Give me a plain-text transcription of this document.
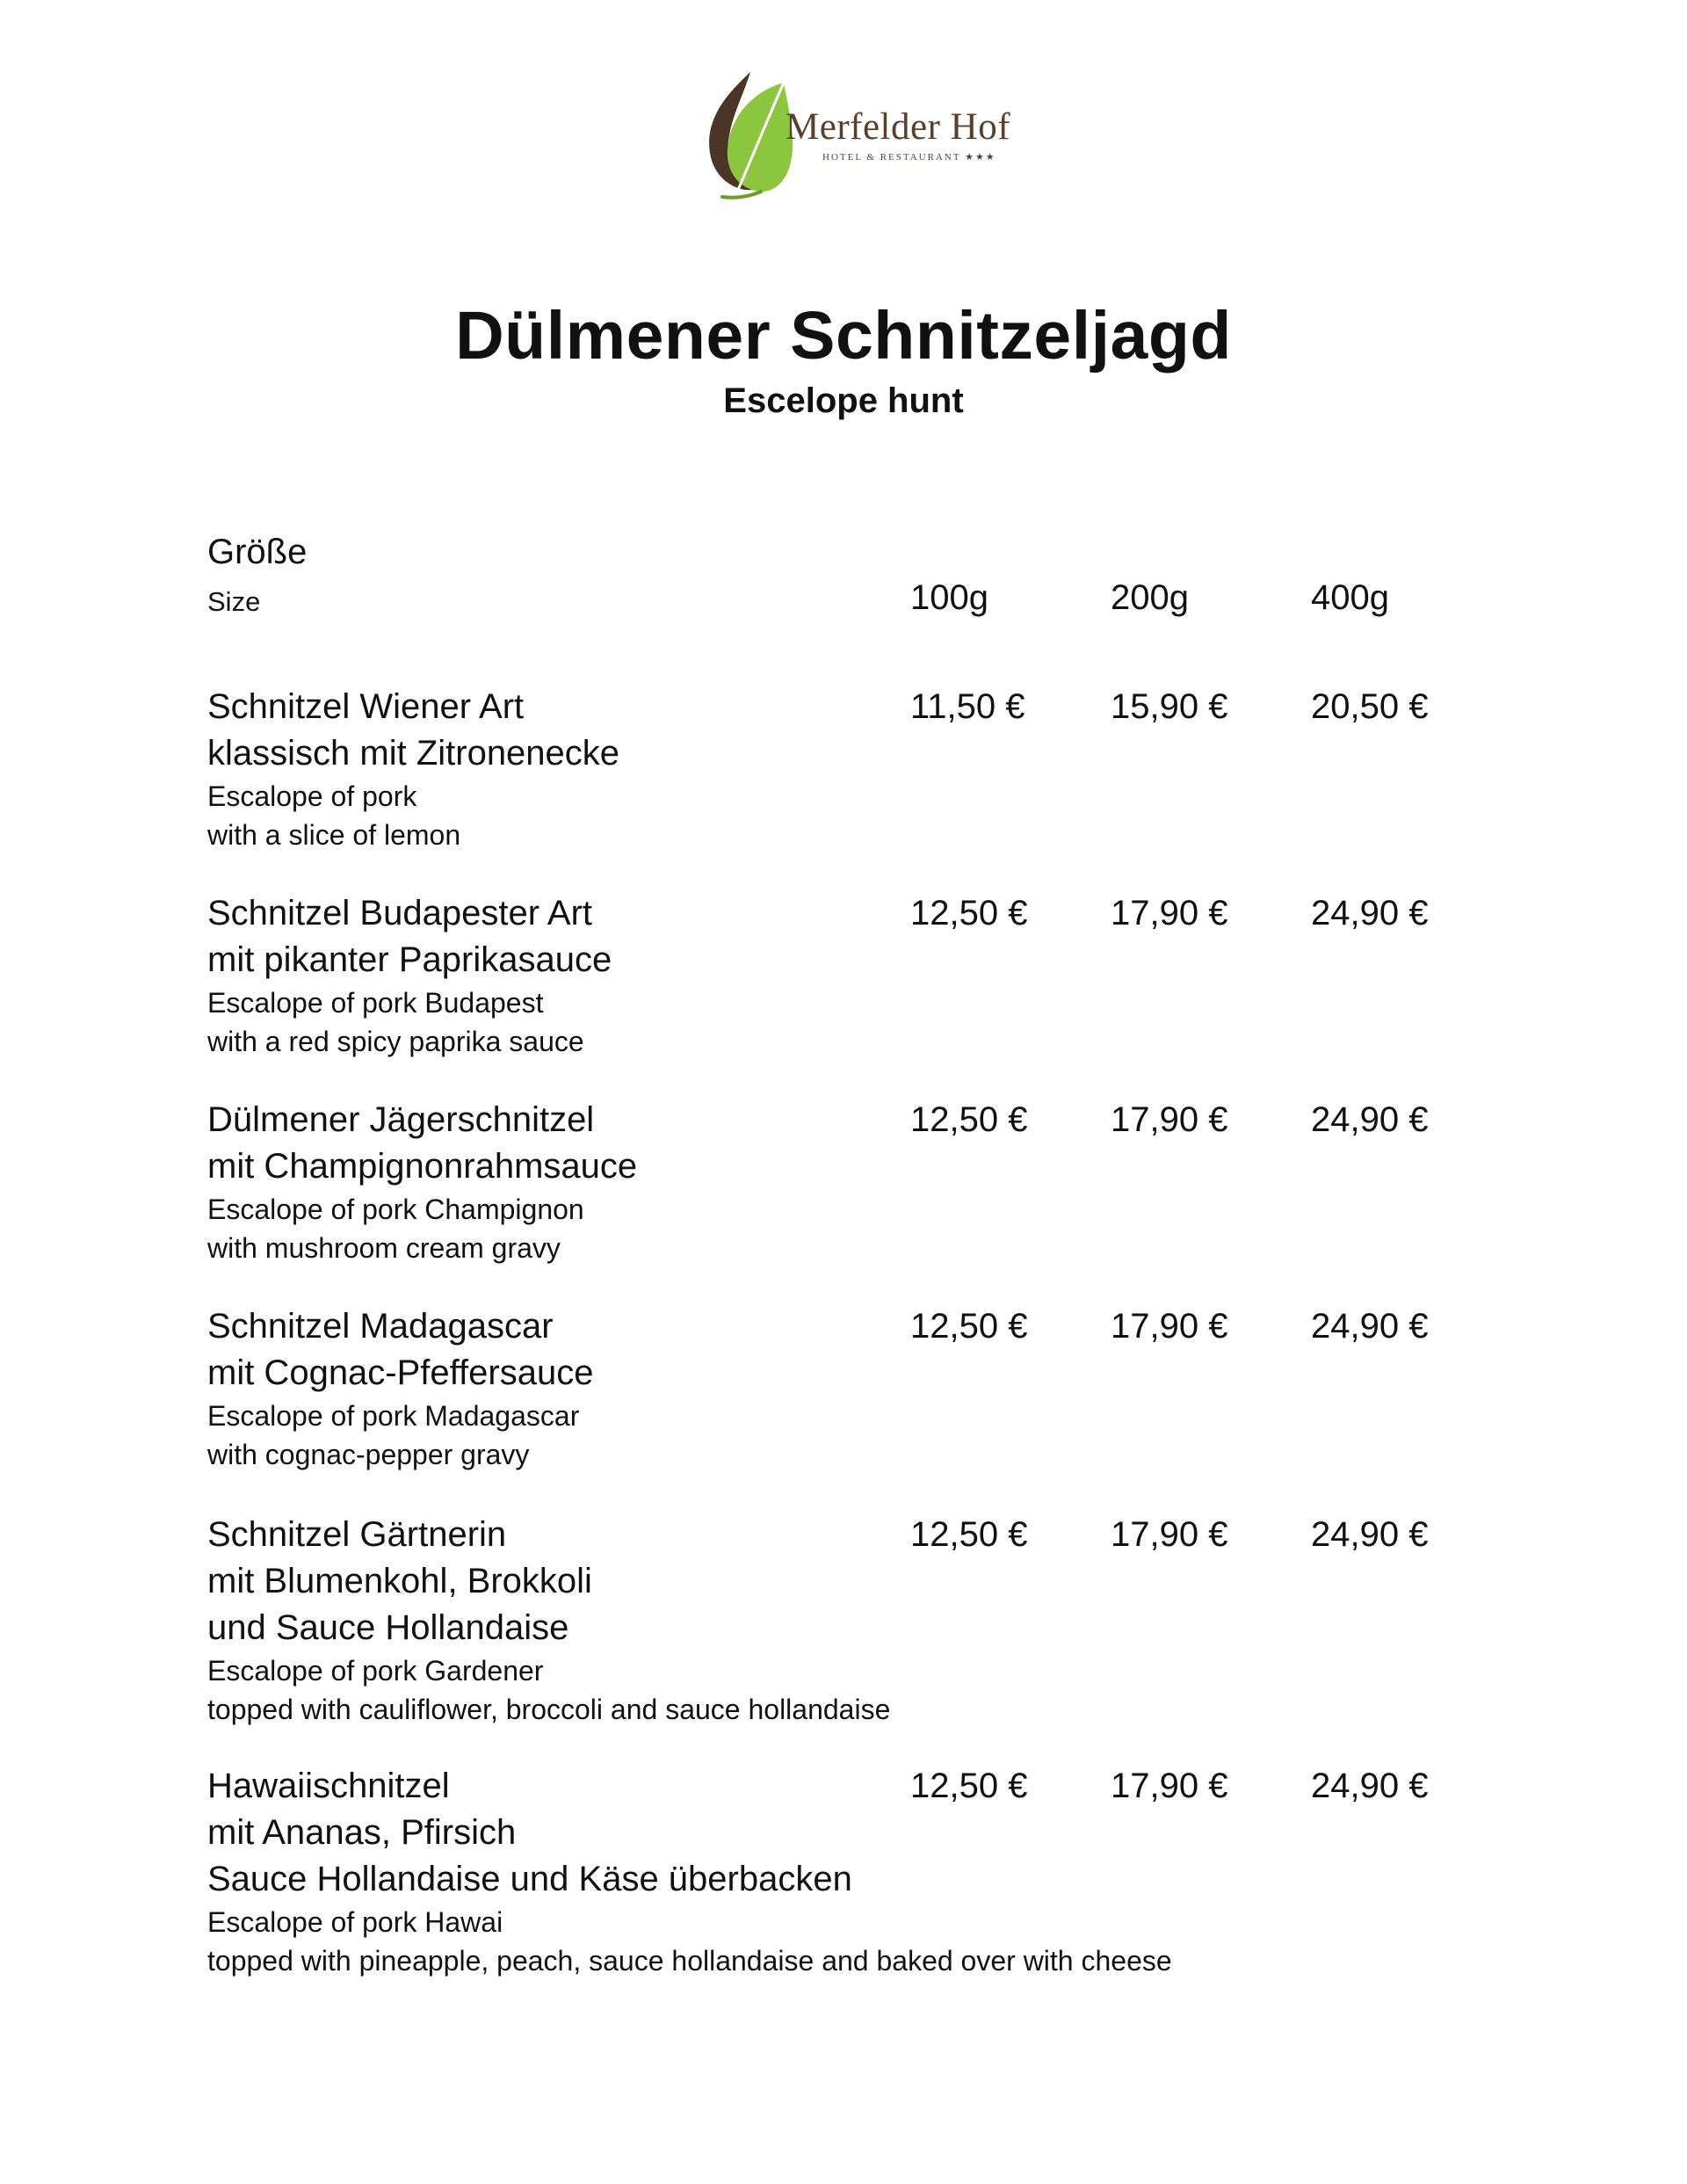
Merfelder Hof
HOTEL & RESTAURANT ★★★
Dülmener Schnitzeljagd
Escelope hunt
Größe
Size	100g	200g	400g
Schnitzel Wiener Art
klassisch mit Zitronenecke
Escalope of pork
with a slice of lemon
11,50 € 15,90 € 20,50 €
Schnitzel Budapester Art
mit pikanter Paprikasauce
Escalope of pork Budapest
with a red spicy paprika sauce
12,50 € 17,90 € 24,90 €
Dülmener Jägerschnitzel
mit Champignonrahmsauce
Escalope of pork Champignon
with mushroom cream gravy
12,50 € 17,90 € 24,90 €
Schnitzel Madagascar
mit Cognac-Pfeffersauce
Escalope of pork Madagascar
with cognac-pepper gravy
12,50 € 17,90 € 24,90 €
Schnitzel Gärtnerin
mit Blumenkohl, Brokkoli
und Sauce Hollandaise
Escalope of pork Gardener
topped with cauliflower, broccoli and sauce hollandaise
12,50 € 17,90 € 24,90 €
Hawaiischnitzel
mit Ananas, Pfirsich
Sauce Hollandaise und Käse überbacken
Escalope of pork Hawai
topped with pineapple, peach, sauce hollandaise and baked over with cheese
12,50 € 17,90 € 24,90 €
